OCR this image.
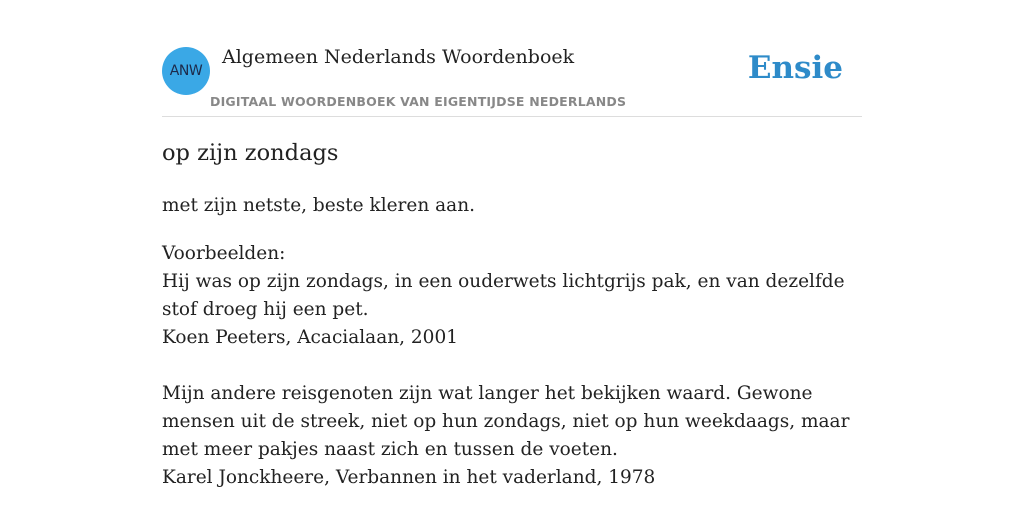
ANW
Algemeen Nederlands Woordenboek
DIGITAAL WOORDENBOEK VAN EIGENTIJDSE NEDERLANDS
Ensie
op zijn zondags
met zijn netste, beste kleren aan.

Voorbeelden:

Hij was op zijn zondags, in een ouderwets lichtgrijs pak, en van dezelfde stof droeg hij een pet.

Koen Peeters, Acacialaan, 2001

Mijn andere reisgenoten zijn wat langer het bekijken waard. Gewone mensen uit de streek, niet op hun zondags, niet op hun weekdaags, maar met meer pakjes naast zich en tussen de voeten.

Karel Jonckheere, Verbannen in het vaderland, 1978
